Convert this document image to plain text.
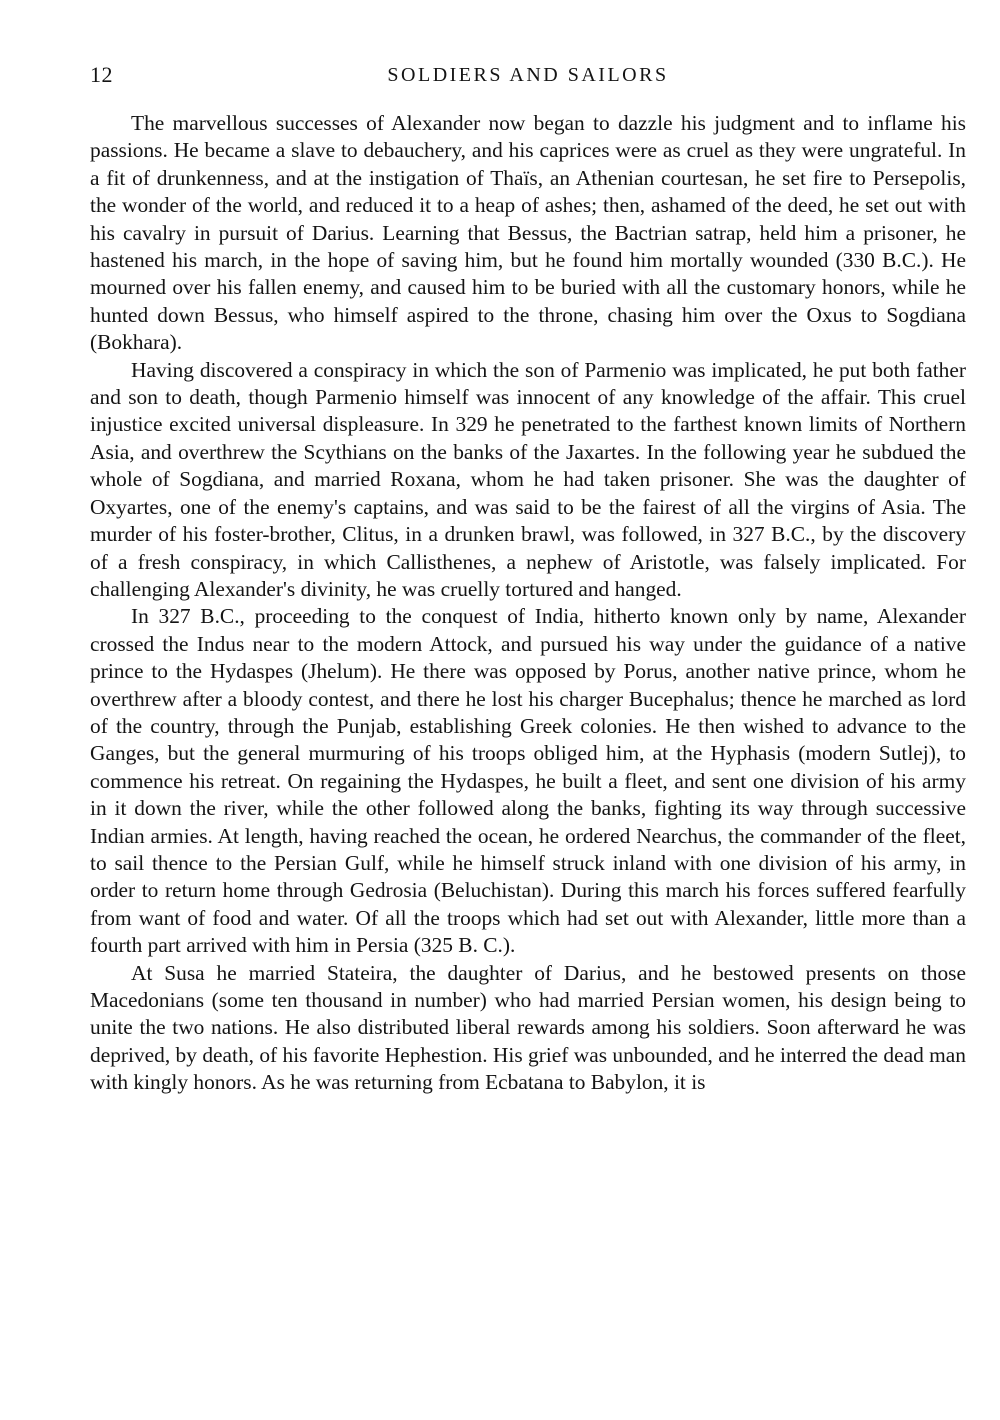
12	SOLDIERS AND SAILORS

The marvellous successes of Alexander now began to dazzle his judgment and to inflame his passions. He became a slave to debauchery, and his caprices were as cruel as they were ungrateful. In a fit of drunkenness, and at the instigation of Thaïs, an Athenian courtesan, he set fire to Persepolis, the wonder of the world, and reduced it to a heap of ashes; then, ashamed of the deed, he set out with his cavalry in pursuit of Darius. Learning that Bessus, the Bactrian satrap, held him a prisoner, he hastened his march, in the hope of saving him, but he found him mortally wounded (330 B.C.). He mourned over his fallen enemy, and caused him to be buried with all the customary honors, while he hunted down Bessus, who himself aspired to the throne, chasing him over the Oxus to Sogdiana (Bokhara).

Having discovered a conspiracy in which the son of Parmenio was implicated, he put both father and son to death, though Parmenio himself was innocent of any knowledge of the affair. This cruel injustice excited universal displeasure. In 329 he penetrated to the farthest known limits of Northern Asia, and overthrew the Scythians on the banks of the Jaxartes. In the following year he subdued the whole of Sogdiana, and married Roxana, whom he had taken prisoner. She was the daughter of Oxyartes, one of the enemy's captains, and was said to be the fairest of all the virgins of Asia. The murder of his foster-brother, Clitus, in a drunken brawl, was followed, in 327 B.C., by the discovery of a fresh conspiracy, in which Callisthenes, a nephew of Aristotle, was falsely implicated. For challenging Alexander's divinity, he was cruelly tortured and hanged.

In 327 B.C., proceeding to the conquest of India, hitherto known only by name, Alexander crossed the Indus near to the modern Attock, and pursued his way under the guidance of a native prince to the Hydaspes (Jhelum). He there was opposed by Porus, another native prince, whom he overthrew after a bloody contest, and there he lost his charger Bucephalus; thence he marched as lord of the country, through the Punjab, establishing Greek colonies. He then wished to advance to the Ganges, but the general murmuring of his troops obliged him, at the Hyphasis (modern Sutlej), to commence his retreat. On regaining the Hydaspes, he built a fleet, and sent one division of his army in it down the river, while the other followed along the banks, fighting its way through successive Indian armies. At length, having reached the ocean, he ordered Nearchus, the commander of the fleet, to sail thence to the Persian Gulf, while he himself struck inland with one division of his army, in order to return home through Gedrosia (Beluchistan). During this march his forces suffered fearfully from want of food and water. Of all the troops which had set out with Alexander, little more than a fourth part arrived with him in Persia (325 B. C.).

At Susa he married Stateira, the daughter of Darius, and he bestowed presents on those Macedonians (some ten thousand in number) who had married Persian women, his design being to unite the two nations. He also distributed liberal rewards among his soldiers. Soon afterward he was deprived, by death, of his favorite Hephestion. His grief was unbounded, and he interred the dead man with kingly honors. As he was returning from Ecbatana to Babylon, it is
